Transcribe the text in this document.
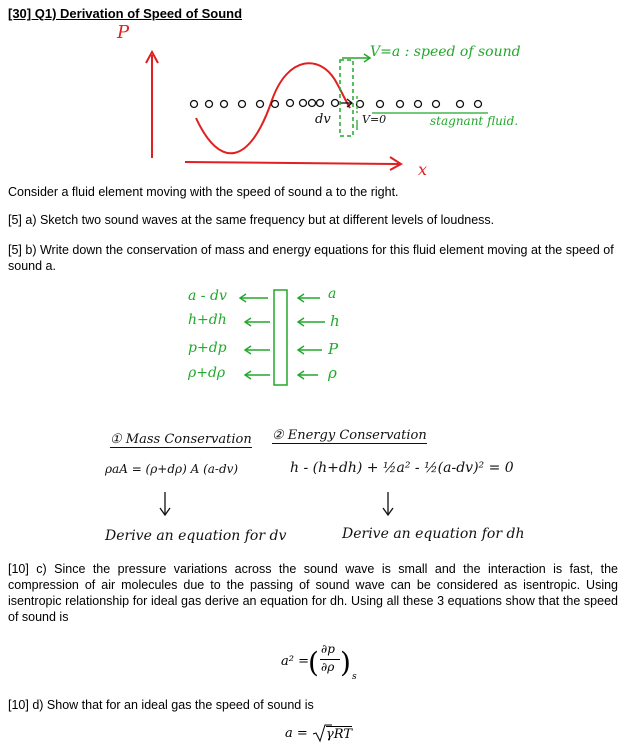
[30] Q1) Derivation of Speed of Sound
P
x
V=a : speed of sound
dv	V=0	stagnant fluid.
Consider a fluid element moving with the speed of sound a to the right.
[5] a) Sketch two sound waves at the same frequency but at different levels of loudness.
[5] b) Write down the conservation of mass and energy equations for this fluid element moving at the speed of sound a.
a - dv
h+dh
p+dp
ρ+dρ
a
h
P
ρ
① Mass Conservation
ρaA = (ρ+dρ) A (a-dv)
② Energy Conservation
h - (h+dh) + ½a² - ½(a-dv)² = 0
Derive an equation for dv	Derive an equation for dh
[10] c) Since the pressure variations across the sound wave is small and the interaction is fast, the compression of air molecules due to the passing of sound wave can be considered as isentropic. Using isentropic relationship for ideal gas derive an equation for dh. Using all these 3 equations show that the speed of sound is
a² = ( ∂p
∂ρ ) s
[10] d) Show that for an ideal gas the speed of sound is
a = γRT
